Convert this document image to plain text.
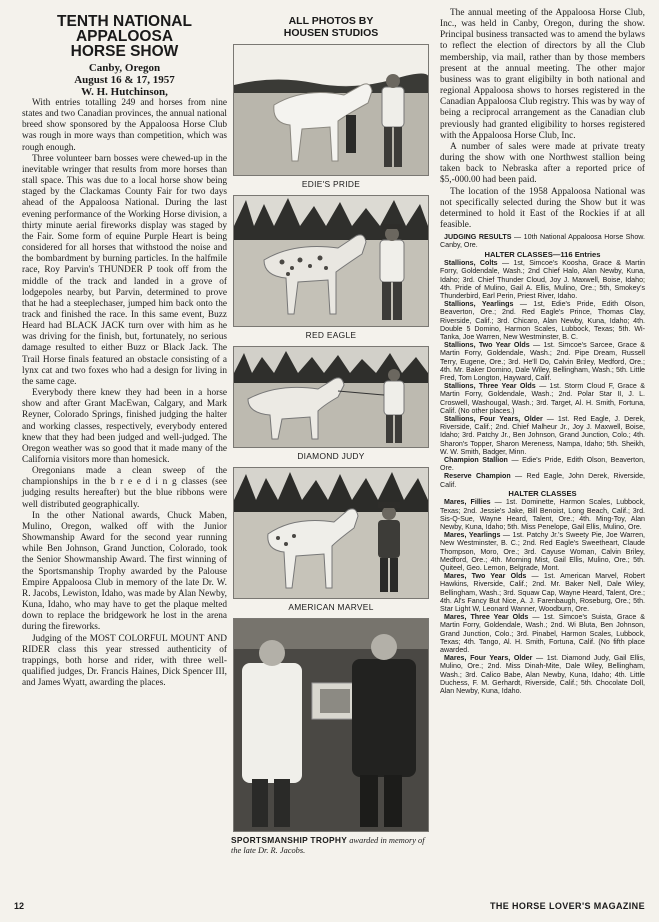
TENTH NATIONAL
APPALOOSA
HORSE SHOW
Canby, Oregon
August 16 & 17, 1957
W. H. Hutchinson,

With entries totalling 249 and horses from nine states and two Canadian provinces, the annual national breed show sponsored by the Appaloosa Horse Club was rough in more ways than competition, which was rough enough.

Three volunteer barn bosses were chewed-up in the inevitable wringer that results from more horses than stall space. This was due to a local horse show being staged by the Clackamas County Fair for two days ahead of the Appaloosa National. During the last evening performance of the Working Horse division, a thirty minute aerial fireworks display was staged by the Fair. Some form of equine Purple Heart is being considered for all horses that withstood the noise and the bombardment by burning particles. In the halfmile race, Roy Parvin's THUNDER P took off from the middle of the track and landed in a grove of lodgepoles nearby, but Parvin, determined to prove that he had a steeplechaser, jumped him back onto the track and finished the race. In this same event, Buzz Heard had BLACK JACK turn over with him as he was driving for the finish, but, fortunately, no serious damage resulted to either Buzz or Black Jack. The Trail Horse finals featured an obstacle consisting of a lynx cat and two foxes who had a design for living in the same cage.

Everybody there knew they had been in a horse show and after Grant MacEwan, Calgary, and Mark Reyner, Colorado Springs, finished judging the halter and working classes, respectively, everybody entered knew that they had been judged and well-judged. The Oregon weather was so good that it made many of the California visitors more than homesick.

Oregonians made a clean sweep of the championships in the b r e e d i n g classes (see judging results hereafter) but the blue ribbons were well distributed geographically.

In the other National awards, Chuck Maben, Mulino, Oregon, walked off with the Junior Showmanship Award for the second year running while Ben Johnson, Grand Junction, Colorado, took the Senior Showmanship Award. The first winning of the Sportsmanship Trophy awarded by the Palouse Empire Appaloosa Club in memory of the late Dr. W. R. Jacobs, Lewiston, Idaho, was made by Alan Newby, Kuna, Idaho, who may have to get the plaque melted down to replace the bridgework he lost in the arena during the fireworks.

Judging of the MOST COLORFUL MOUNT AND RIDER class this year stressed authenticity of trappings, both horse and rider, with three well-qualified judges, Dr. Francis Haines, Dick Spencer III, and James Wyatt, awarding the places.

ALL PHOTOS BY
HOUSEN STUDIOS
EDIE'S PRIDE
RED EAGLE
DIAMOND JUDY
AMERICAN MARVEL
SPORTSMANSHIP TROPHY awarded in memory of the late Dr. R. Jacobs.

The annual meeting of the Appaloosa Horse Club, Inc., was held in Canby, Oregon, during the show. Principal business transacted was to amend the bylaws to reflect the election of directors by all the Club membership, via mail, rather than by those members present at the annual meeting. The other major business was to grant eligibilty in both national and regional Appaloosa shows to horses registered in the Canadian Appaloosa Club registry. This was by way of being a reciprocal arrangement as the Canadian club previously had granted eligibility to horses registered with the Appaloosa Horse Club, Inc.

A number of sales were made at private treaty during the show with one Northwest stallion being taken back to Nebraska after a reported price of $5,-000.00 had been paid.

The location of the 1958 Appaloosa National was not specifically selected during the Show but it was determined to hold it East of the Rockies if at all feasible.

JUDGING RESULTS — 10th National Appaloosa Horse Show. Canby, Ore.

HALTER CLASSES—116 Entries

Stallions, Colts — 1st, Simcoe's Koosha, Grace & Martin Forry, Goldendale, Wash.; 2nd Chief Halo, Alan Newby, Kuna, Idaho; 3rd. Chief Thunder Cloud, Joy J. Maxwell, Boise, Idaho; 4th. Pride of Mulino, Gail A. Ellis, Mulino, Ore.; 5th, Smokey's Thunderbird, Earl Perin, Priest River, Idaho.

Stallions, Yearlings — 1st, Edie's Pride, Edith Olson, Beaverton, Ore.; 2nd. Red Eagle's Prince, Thomas Clay, Riverside, Calif.; 3rd. Chicaro, Alan Newby, Kuna, Idaho; 4th. Double 5 Domino, Harmon Scales, Lubbock, Texas; 5th. Wi-Tanka, Joe Warren, New Westminster, B. C.

Stallions, Two Year Olds — 1st. Simcoe's Sarcee, Grace & Martin Forry, Goldendale, Wash.; 2nd. Pipe Dream, Russell Terry, Eugene, Ore.; 3rd. He'll Do, Calvin Briley, Medford, Ore.; 4th. Mr. Baker Domino, Dale Wiley, Bellingham, Wash.; 5th. Little Fred, Tom Longton, Hayward, Calif.

Stallions, Three Year Olds — 1st. Storm Cloud F, Grace & Martin Forry, Goldendale, Wash.; 2nd. Polar Star II, J. L. Croswell, Washougal, Wash.; 3rd. Target, Al. H. Smith, Fortuna, Calif. (No other places.)

Stallions, Four Years, Older — 1st. Red Eagle, J. Derek, Riverside, Calif.; 2nd. Chief Malheur Jr., Joy J. Maxwell, Boise, Idaho; 3rd. Patchy Jr., Ben Johnson, Grand Junction, Colo.; 4th. Sharon's Topper, Sharon Mereness, Nampa, Idaho; 5th. Sheikh, W. W. Smith, Badger, Minn.

Champion Stallion — Edie's Pride, Edith Olson, Beaverton, Ore.

Reserve Champion — Red Eagle, John Derek, Riverside, Calif.

HALTER CLASSES

Mares, Fillies — 1st. Dominette, Harmon Scales, Lubbock, Texas; 2nd. Jessie's Jake, Bill Benoist, Long Beach, Calif.; 3rd. Sis-Q-Sue, Wayne Heard, Talent, Ore.; 4th. Ming-Toy, Alan Newby, Kuna, Idaho; 5th. Miss Penelope, Gail Ellis, Mulino, Ore.

Mares, Yearlings — 1st. Patchy Jr.'s Sweety Pie, Joe Warren, New Westminster, B. C.; 2nd. Red Eagle's Sweetheart, Claude Thompson, Moro, Ore.; 3rd. Cayuse Woman, Calvin Briley, Medford, Ore.; 4th. Morning Mist, Gail Ellis, Mulino, Ore.; 5th. Quiteel, Geo. Lemon, Belgrade, Mont.

Mares, Two Year Olds — 1st. American Marvel, Robert Hawkins, Riverside, Calif.; 2nd. Mr. Baker Nell, Dale Wiley, Bellingham, Wash.; 3rd. Squaw Cap, Wayne Heard, Talent, Ore.; 4th. Al's Fancy But Nice, A. J. Farenbaugh, Roseburg, Ore.; 5th. Star Light W, Leonard Wanner, Woodburn, Ore.

Mares, Three Year Olds — 1st. Simcoe's Suista, Grace & Martin Forry, Goldendale, Wash.; 2nd. Wi Bluta, Ben Johnson, Grand Junction, Colo.; 3rd. Pinabel, Harmon Scales, Lubbock, Texas; 4th. Tango, Al. H. Smith, Fortuna, Calif. (No fifth place awarded.

Mares, Four Years, Older — 1st. Diamond Judy, Gail Ellis, Mulino, Ore.; 2nd. Miss Dinah-Mite, Dale Wiley, Bellingham, Wash.; 3rd. Calico Babe, Alan Newby, Kuna, Idaho; 4th. Little Duchess, F. M. Gerhardt, Riverside, Calif.; 5th. Chocolate Doll, Alan Newby, Kuna, Idaho.

12	THE HORSE LOVER'S MAGAZINE
